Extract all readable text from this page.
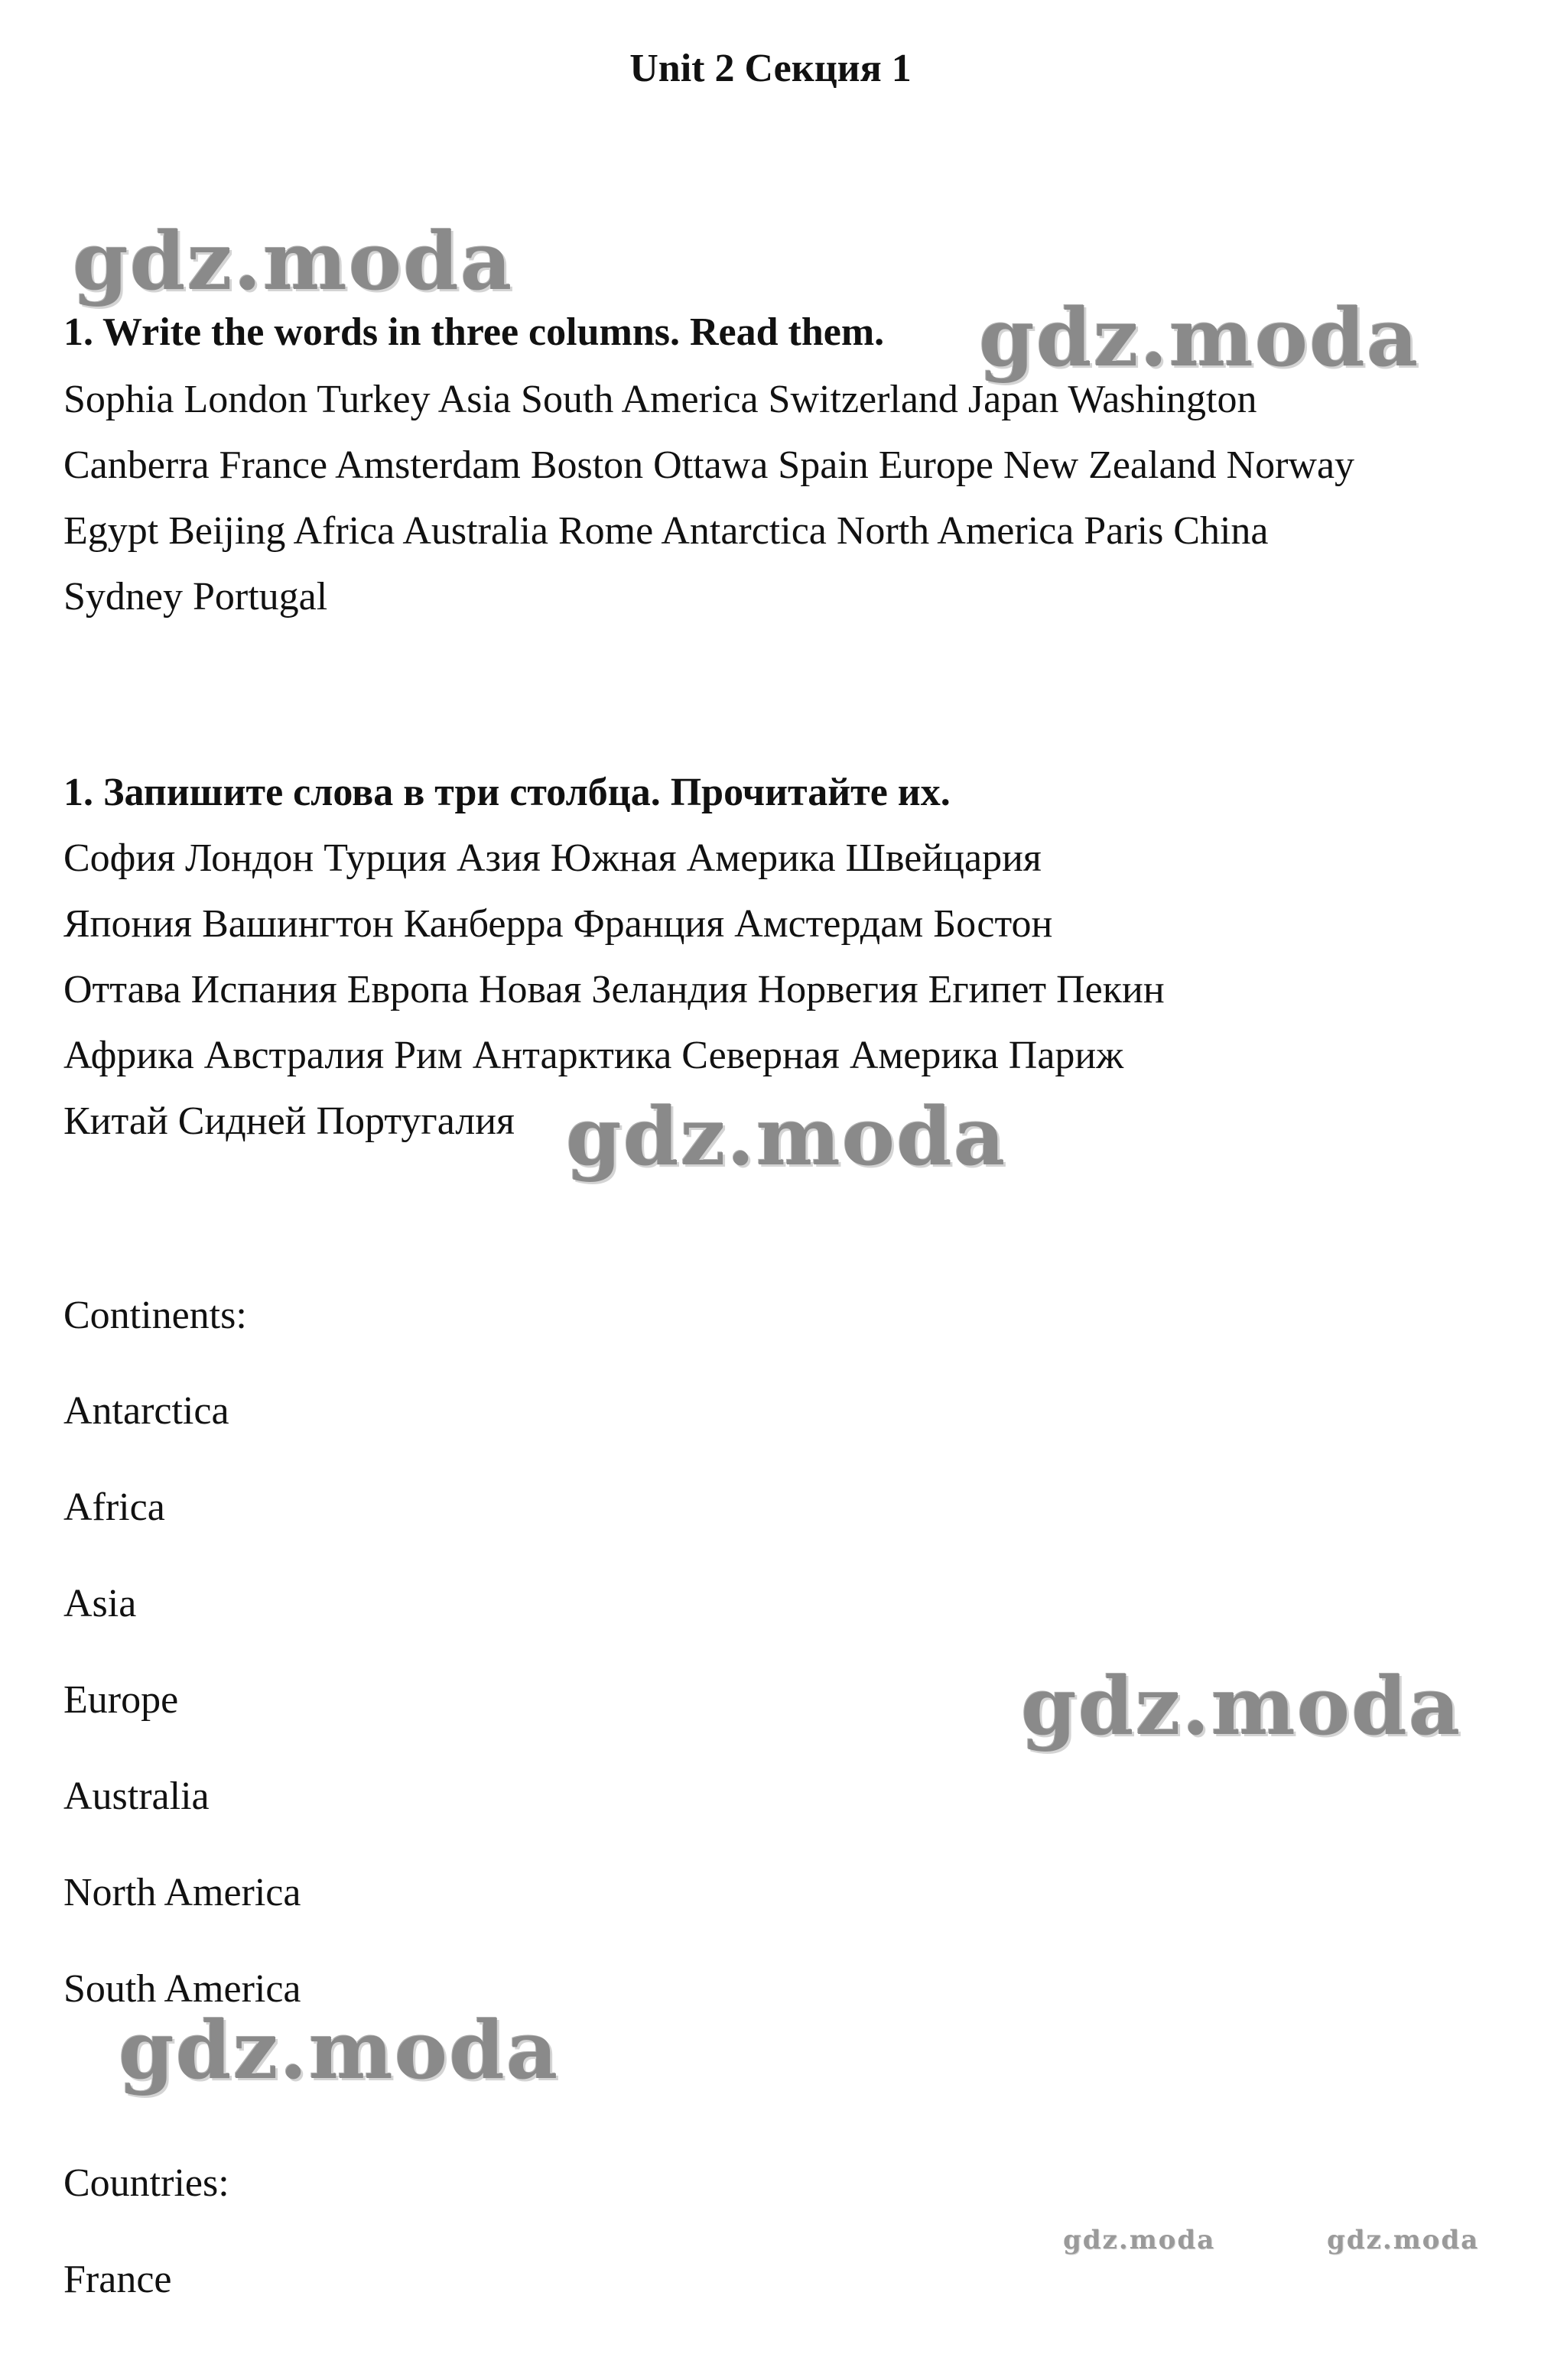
Unit 2 Секция 1
1. Write the words in three columns. Read them.
Sophia London Turkey Asia South America Switzerland Japan Washington
Canberra France Amsterdam Boston Ottawa Spain Europe New Zealand Norway
Egypt Beijing Africa Australia Rome Antarctica North America Paris China
Sydney Portugal
1. Запишите слова в три столбца. Прочитайте их.
София Лондон Турция Азия Южная Америка Швейцария
Япония Вашингтон Канберра Франция Амстердам Бостон
Оттава Испания Европа Новая Зеландия Норвегия Египет Пекин
Африка Австралия Рим Антарктика Северная Америка Париж
Китай Сидней Португалия
Continents:
Antarctica
Africa
Asia
Europe
Australia
North America
South America
Countries:
France
gdz.moda
gdz.moda
gdz.moda
gdz.moda
gdz.moda
gdz.moda	gdz.moda
